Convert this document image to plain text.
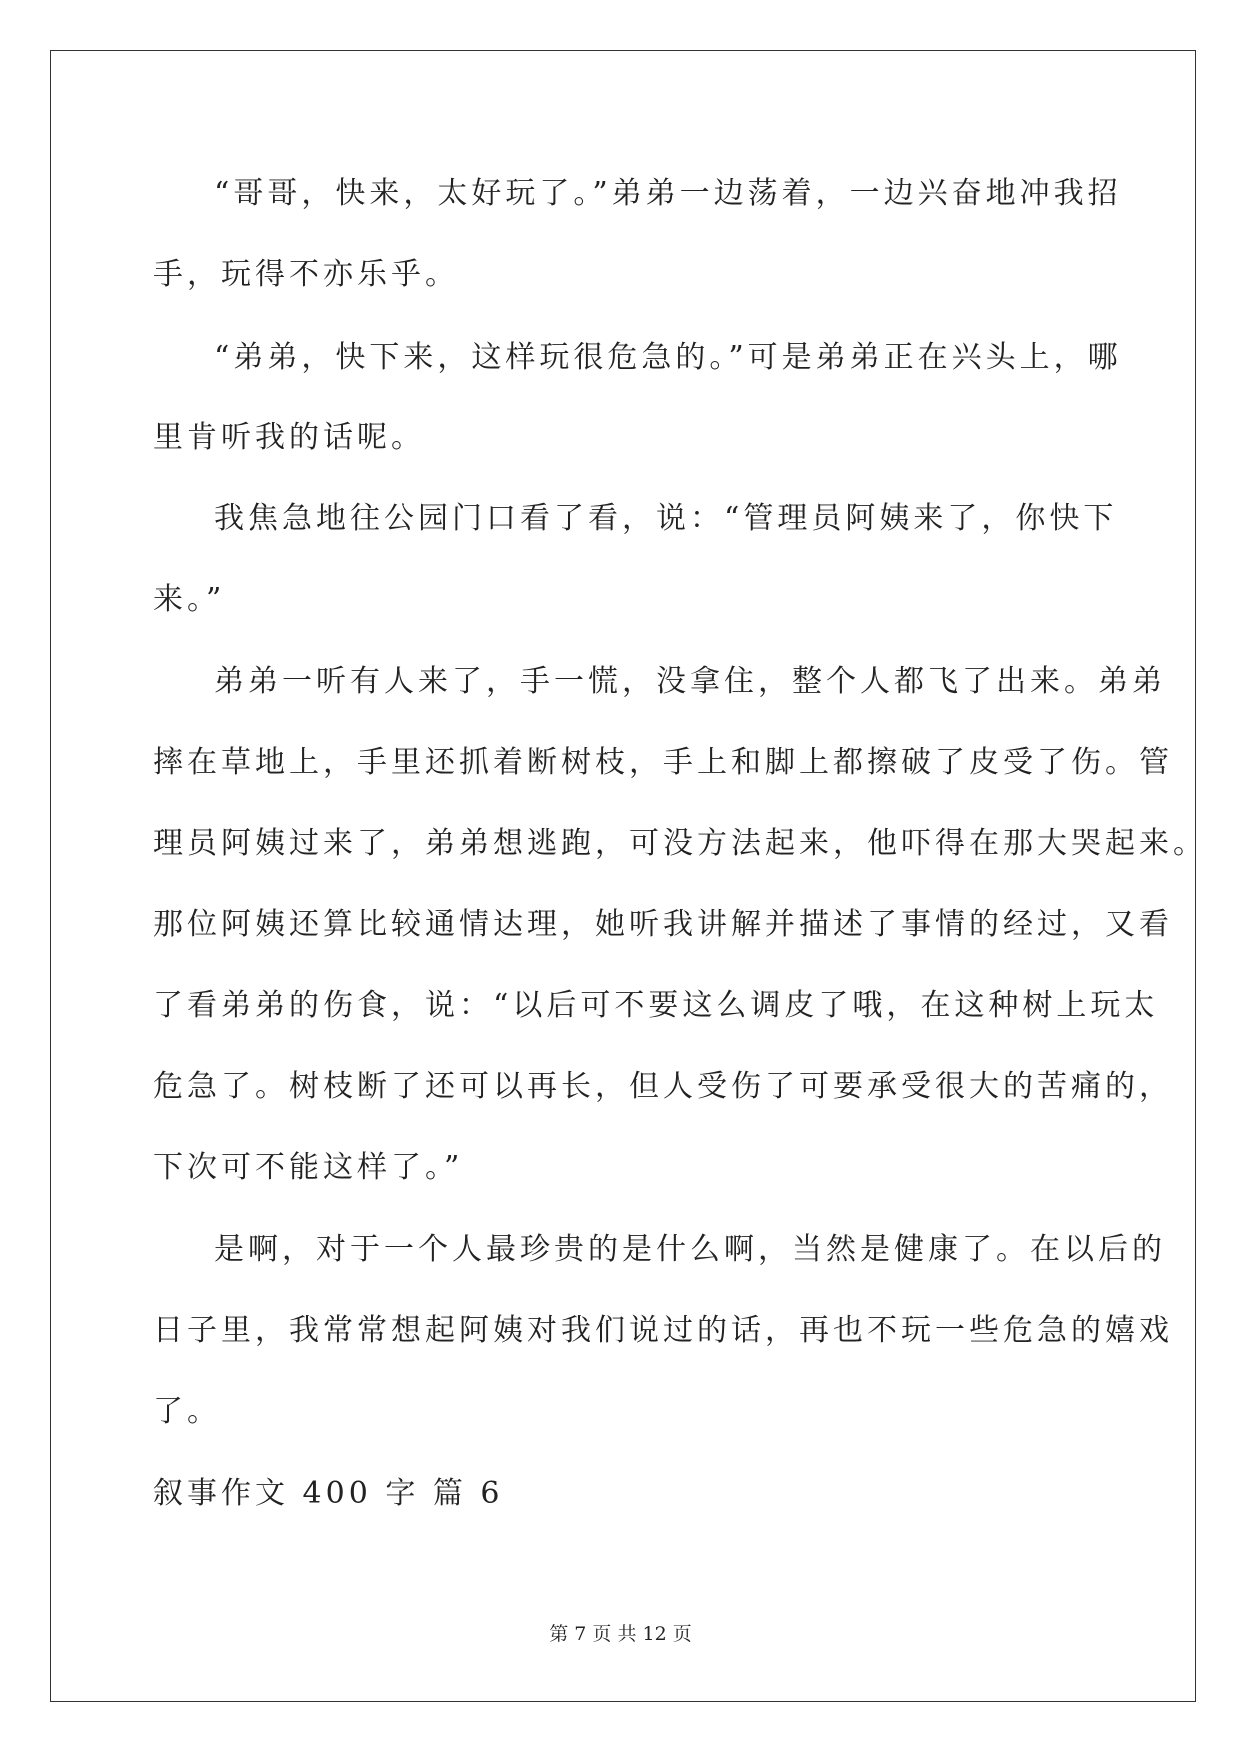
“哥哥，快来，太好玩了。”弟弟一边荡着，一边兴奋地冲我招
手，玩得不亦乐乎。
“弟弟，快下来，这样玩很危急的。”可是弟弟正在兴头上，哪
里肯听我的话呢。
我焦急地往公园门口看了看，说：“管理员阿姨来了，你快下
来。”
弟弟一听有人来了，手一慌，没拿住，整个人都飞了出来。弟弟
摔在草地上，手里还抓着断树枝，手上和脚上都擦破了皮受了伤。管
理员阿姨过来了，弟弟想逃跑，可没方法起来，他吓得在那大哭起来。
那位阿姨还算比较通情达理，她听我讲解并描述了事情的经过，又看
了看弟弟的伤食，说：“以后可不要这么调皮了哦，在这种树上玩太
危急了。树枝断了还可以再长，但人受伤了可要承受很大的苦痛的，
下次可不能这样了。”
是啊，对于一个人最珍贵的是什么啊，当然是健康了。在以后的
日子里，我常常想起阿姨对我们说过的话，再也不玩一些危急的嬉戏
了。
叙事作文 400 字 篇 6
第 7 页 共 12 页
